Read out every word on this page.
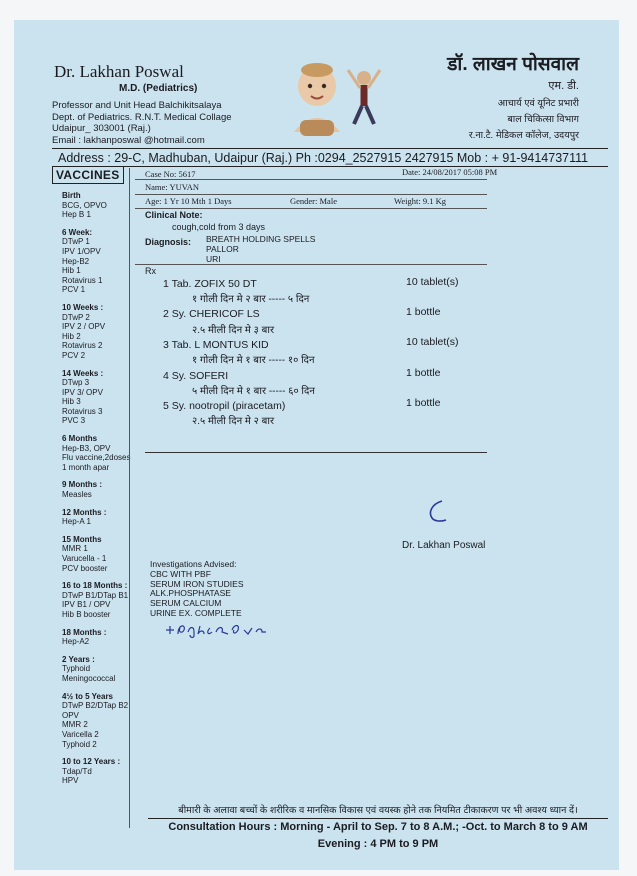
Dr. Lakhan Poswal
M.D. (Pediatrics)
Professor and Unit Head Balchikitsalaya
Dept. of Pediatrics. R.N.T. Medical Collage
Udaipur_ 303001 (Raj.)
Email : lakhanposwal @hotmail.com
डॉ. लाखन पोसवाल
एम. डी.
आचार्य एवं यूनिट प्रभारी
बाल चिकित्सा विभाग
र.ना.टै. मेडिकल कॉलेज, उदयपुर
Address : 29-C, Madhuban, Udaipur (Raj.) Ph :0294_2527915 2427915 Mob : + 91-9414737111
VACCINES
Birth
BCG, OPVO
Hep B 1
6 Week:
DTwP 1
IPV 1/OPV
Hep-B2
Hib 1
Rotavirus 1
PCV 1
10 Weeks :
DTwP 2
IPV 2 / OPV
Hib 2
Rotavirus 2
PCV 2
14 Weeks :
DTwp 3
IPV 3/ OPV
Hib 3
Rotavirus 3
PVC 3
6 Months
Hep-B3, OPV
Flu vaccine,2doses
1 month apar
9 Months :
Measles
12 Months :
Hep-A 1
15 Months
MMR 1
Varucella - 1
PCV booster
16 to 18 Months :
DTwP B1/DTap B1
IPV B1 / OPV
Hib B booster
18 Months :
Hep-A2
2 Years :
Typhoid
Meningococcal
4½ to 5 Years
DTwP B2/DTap B2
OPV
MMR 2
Varicella 2
Typhoid 2
10 to 12 Years :
Tdap/Td
HPV
Case No: 5617	Date: 24/08/2017 05:08 PM
Name: YUVAN
Age: 1 Yr 10 Mth 1 Days	Gender: Male	Weight: 9.1 Kg
Clinical Note:
cough,cold from 3 days
Diagnosis: BREATH HOLDING SPELLS
PALLOR
URI
Rx
1 Tab. ZOFIX 50 DT
१ गोली दिन मे २ बार ----- ५ दिन
10 tablet(s)
2 Sy. CHERICOF LS
२.५ मीली दिन मे ३ बार
1 bottle
3 Tab. L MONTUS KID
१ गोली दिन मे १ बार ----- १० दिन
10 tablet(s)
4 Sy. SOFERI
५ मीली दिन मे १ बार ----- ६० दिन
1 bottle
5 Sy. nootropil (piracetam)
२.५ मीली दिन मे २ बार
1 bottle
Dr. Lakhan Poswal
Investigations Advised:
CBC WITH PBF
SERUM IRON STUDIES
ALK.PHOSPHATASE
SERUM CALCIUM
URINE EX. COMPLETE
बीमारी के अलावा बच्चों के शरीरिक व मानसिक विकास एवं वयस्क होने तक नियमित टीकाकरण पर भी अवश्य ध्यान दें।
Consultation Hours : Morning - April to Sep. 7 to 8 A.M.; -Oct. to March 8 to 9 AM
Evening : 4 PM to 9 PM
